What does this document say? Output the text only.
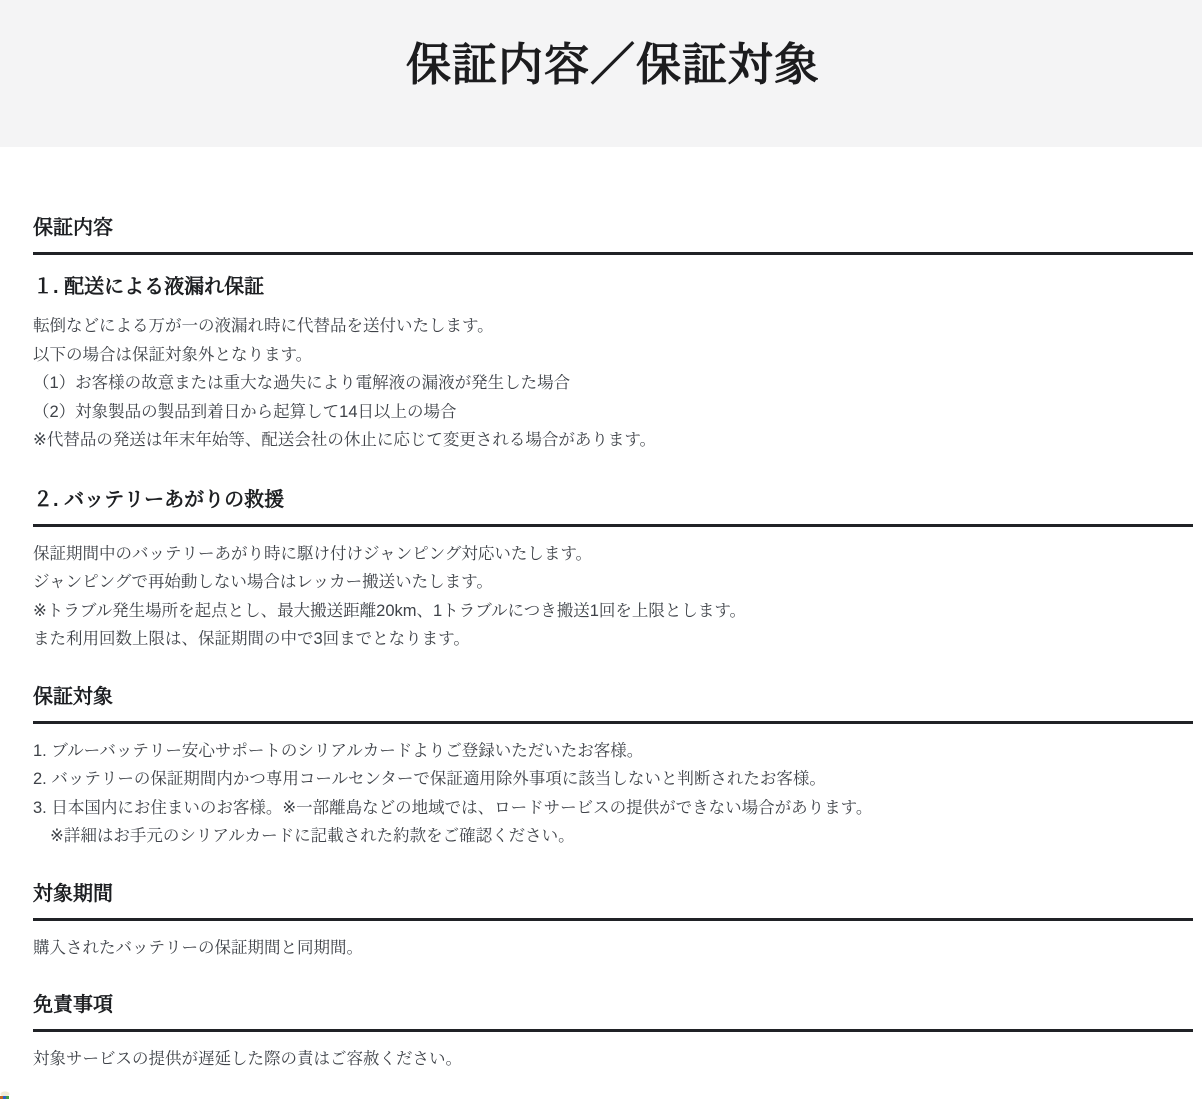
保証内容／保証対象
保証内容
１. 配送による液漏れ保証

転倒などによる万が一の液漏れ時に代替品を送付いたします。

以下の場合は保証対象外となります。

（1）お客様の故意または重大な過失により電解液の漏液が発生した場合

（2）対象製品の製品到着日から起算して14日以上の場合

※代替品の発送は年末年始等、配送会社の休止に応じて変更される場合があります。

２. バッテリーあがりの救援

保証期間中のバッテリーあがり時に駆け付けジャンピング対応いたします。

ジャンピングで再始動しない場合はレッカー搬送いたします。

※トラブル発生場所を起点とし、最大搬送距離20km、1トラブルにつき搬送1回を上限とします。

また利用回数上限は、保証期間の中で3回までとなります。

保証対象

1. ブルーバッテリー安心サポートのシリアルカードよりご登録いただいたお客様。

2. バッテリーの保証期間内かつ専用コールセンターで保証適用除外事項に該当しないと判断されたお客様。

3. 日本国内にお住まいのお客様。※一部離島などの地域では、ロードサービスの提供ができない場合があります。

※詳細はお手元のシリアルカードに記載された約款をご確認ください。

対象期間

購入されたバッテリーの保証期間と同期間。

免責事項

対象サービスの提供が遅延した際の責はご容赦ください。
